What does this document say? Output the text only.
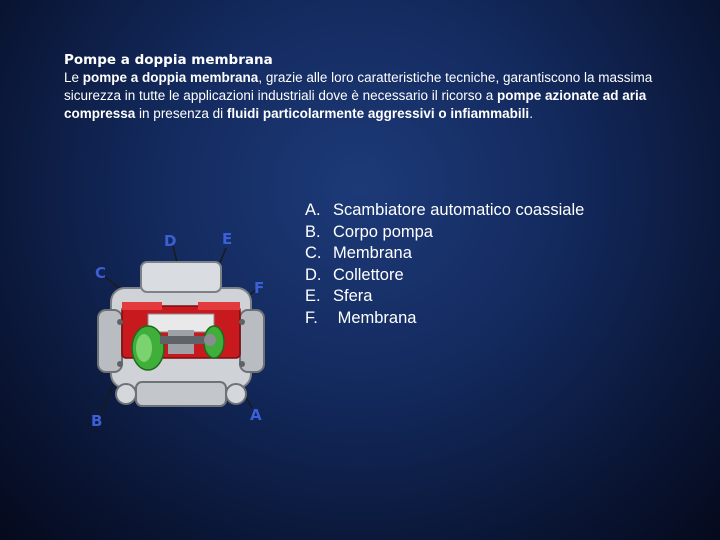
Pompe a doppia membrana
Le pompe a doppia membrana, grazie alle loro caratteristiche tecniche, garantiscono la massima sicurezza in tutte le applicazioni industriali dove è necessario il ricorso a pompe azionate ad aria compressa in presenza di fluidi particolarmente aggressivi o infiammabili.
A. Scambiatore automatico coassiale
B. Corpo pompa
C. Membrana
D. Collettore
E. Sfera
F. Membrana
D	E
C
F
B	A
